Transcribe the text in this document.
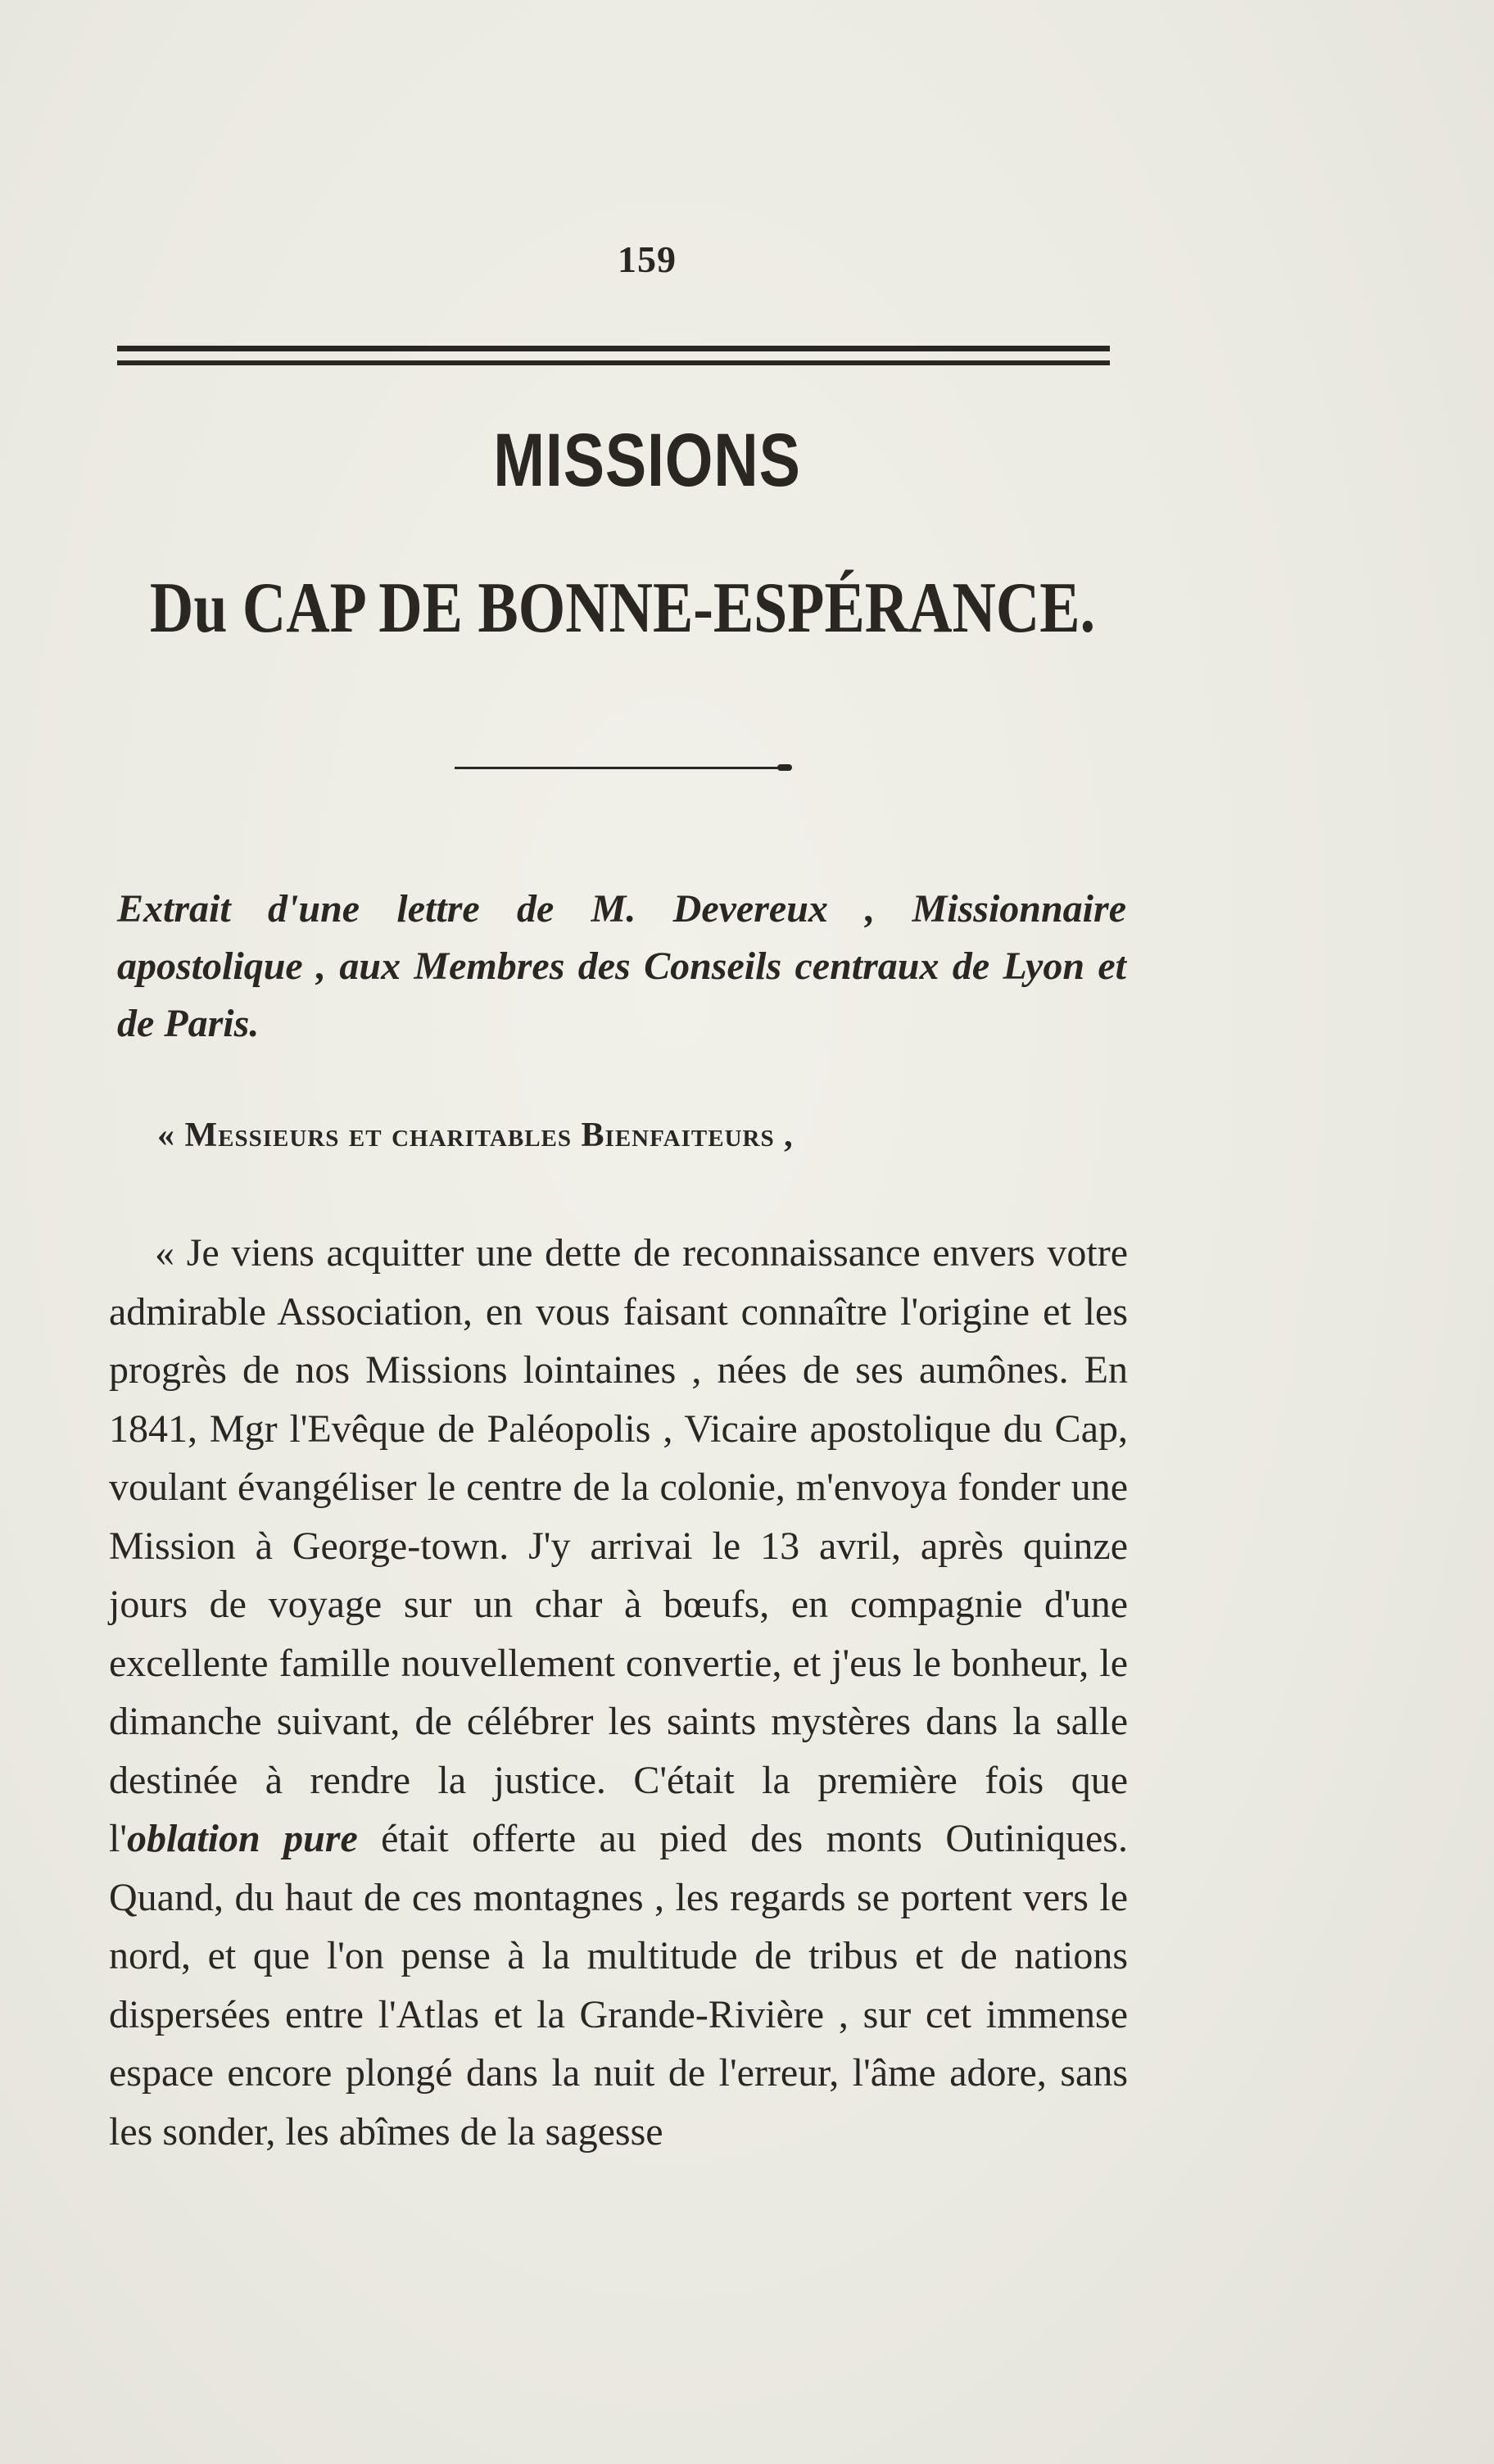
159
MISSIONS
Du CAP DE BONNE-ESPÉRANCE.
Extrait d'une lettre de M. Devereux , Missionnaire apostolique , aux Membres des Conseils centraux de Lyon et de Paris.
« Messieurs et charitables Bienfaiteurs ,

« Je viens acquitter une dette de reconnaissance envers votre admirable Association, en vous faisant connaître l'origine et les progrès de nos Missions lointaines , nées de ses aumônes. En 1841, Mgr l'Evêque de Paléopolis , Vicaire apostolique du Cap, voulant évangéliser le centre de la colonie, m'envoya fonder une Mission à George-town. J'y arrivai le 13 avril, après quinze jours de voyage sur un char à bœufs, en compagnie d'une excellente famille nouvellement convertie, et j'eus le bonheur, le dimanche suivant, de célébrer les saints mystères dans la salle destinée à rendre la justice. C'était la première fois que l'oblation pure était offerte au pied des monts Outiniques. Quand, du haut de ces montagnes , les regards se portent vers le nord, et que l'on pense à la multitude de tribus et de nations dispersées entre l'Atlas et la Grande-Rivière , sur cet immense espace encore plongé dans la nuit de l'erreur, l'âme adore, sans les sonder, les abîmes de la sagesse
